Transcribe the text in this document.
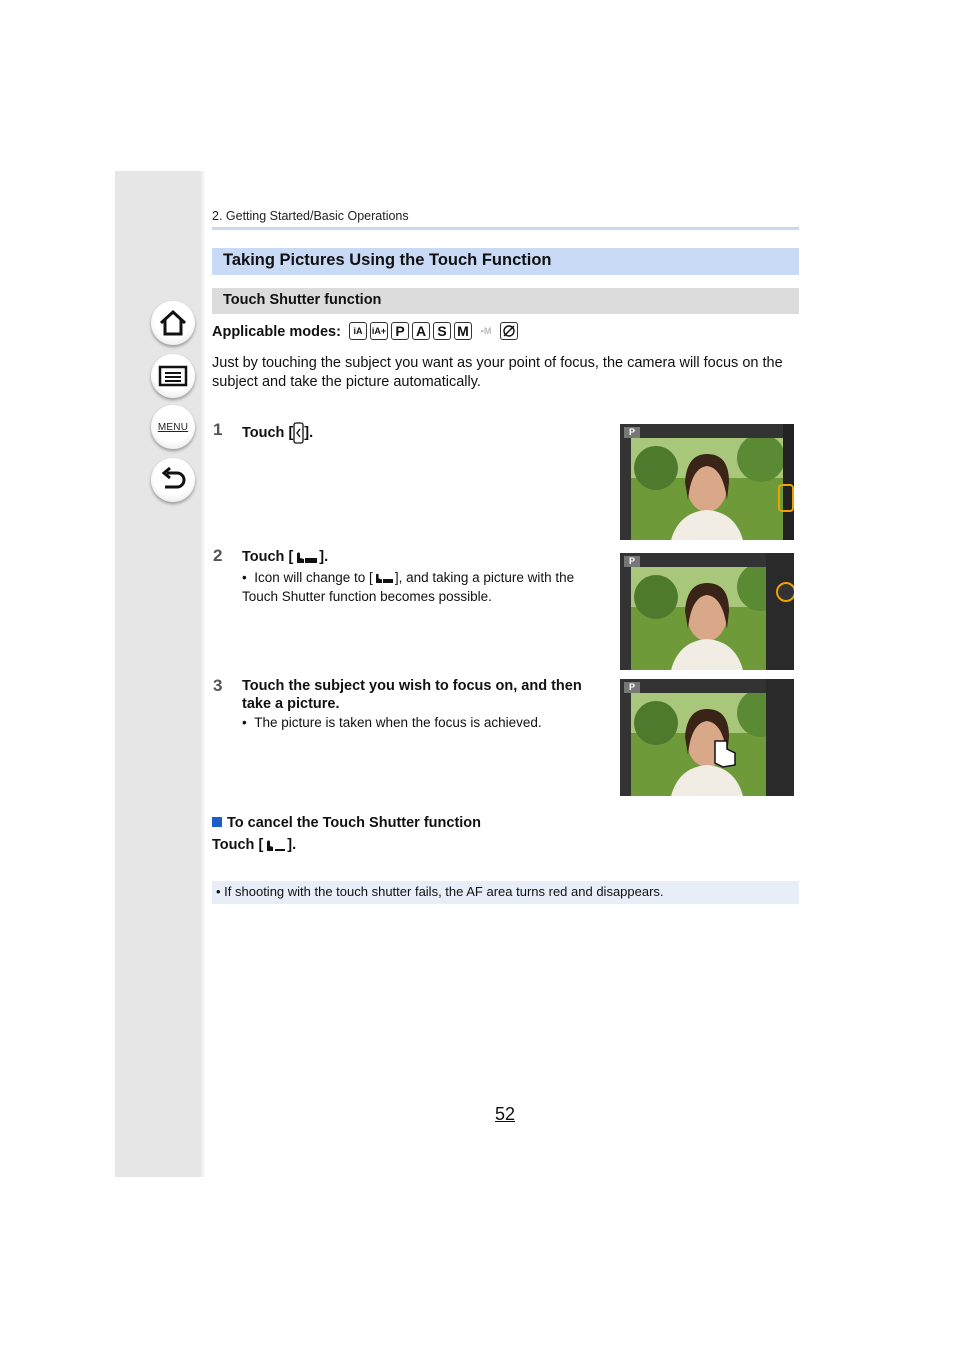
MENU
2. Getting Started/Basic Operations
Taking Pictures Using the Touch Function
Touch Shutter function
Applicable modes:	iA	iA+ P A S M	▪M
Just by touching the subject you want as your point of focus, the camera will focus on the subject and take the picture automatically.
1 Touch [ ].
2 Touch [ ].
•  Icon will change to [ ], and taking a picture with the Touch Shutter function becomes possible.
3 Touch the subject you wish to focus on, and then take a picture.
•  The picture is taken when the focus is achieved.
P
P
P
To cancel the Touch Shutter function
Touch [ ].
• If shooting with the touch shutter fails, the AF area turns red and disappears.
52
